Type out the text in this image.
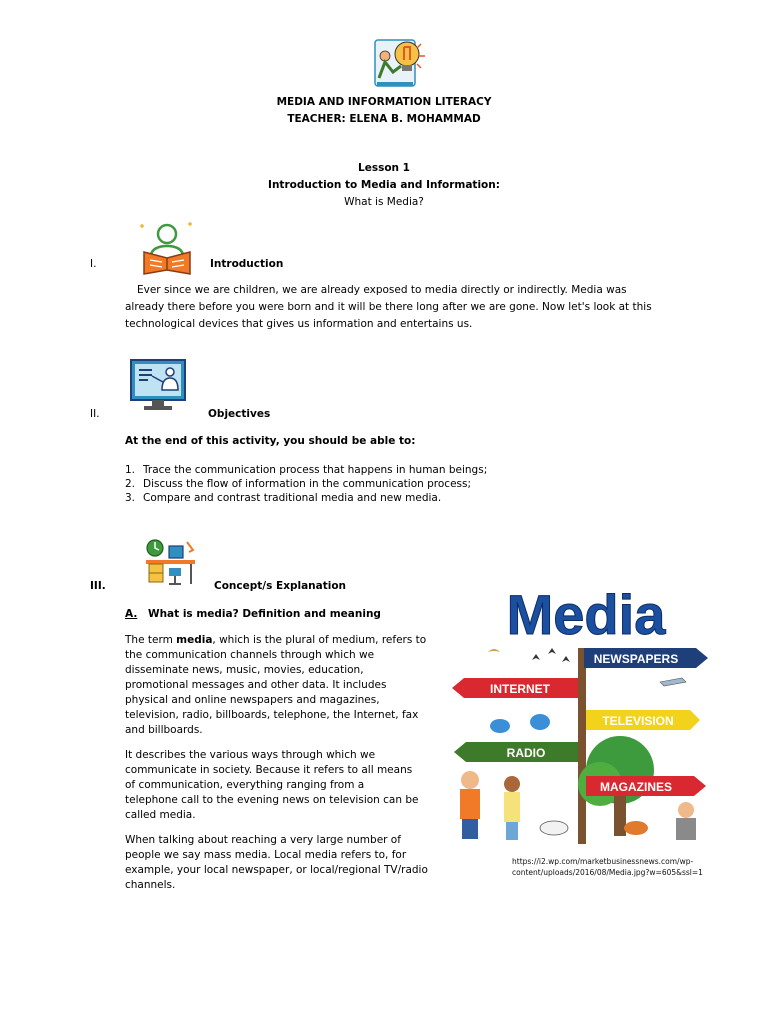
MEDIA AND INFORMATION LITERACY
TEACHER: ELENA B. MOHAMMAD
Lesson 1
Introduction to Media and Information:
What is Media?
I.	Introduction
Ever since we are children, we are already exposed to media directly or indirectly. Media was
already there before you were born and it will be there long after we are gone. Now let's look at this
technological devices that gives us information and entertains us.
II.	Objectives
At the end of this activity, you should be able to:
1. Trace the communication process that happens in human beings;
2. Discuss the flow of information in the communication process;
3. Compare and contrast traditional media and new media.
III.	Concept/s Explanation
A. What is media? Definition and meaning
The term media, which is the plural of medium, refers to
the communication channels through which we
disseminate news, music, movies, education,
promotional messages and other data. It includes
physical and online newspapers and magazines,
television, radio, billboards, telephone, the Internet, fax
and billboards.
It describes the various ways through which we
communicate in society. Because it refers to all means
of communication, everything ranging from a
telephone call to the evening news on television can be
called media.
When talking about reaching a very large number of
people we say mass media. Local media refers to, for
example, your local newspaper, or local/regional TV/radio
channels.
Media
NEWSPAPERS
INTERNET
TELEVISION
RADIO
MAGAZINES
https://i2.wp.com/marketbusinessnews.com/wp-
content/uploads/2016/08/Media.jpg?w=605&ssl=1
